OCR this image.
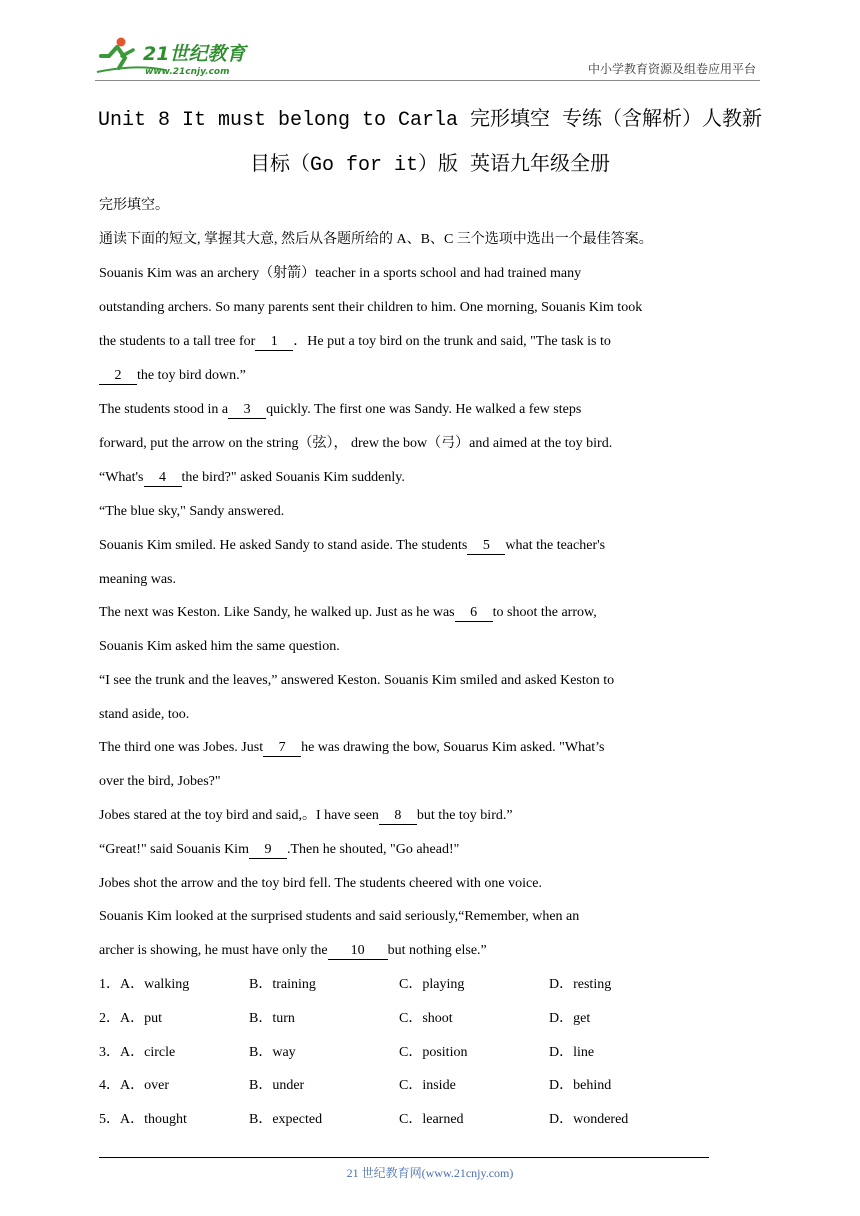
21世纪教育
www.21cnjy.com	中小学教育资源及组卷应用平台
Unit 8 It must belong to Carla 完形填空 专练（含解析）人教新
目标（Go for it）版 英语九年级全册
完形填空。
通读下面的短文, 掌握其大意, 然后从各题所给的 A、B、C 三个选项中选出一个最佳答案。
Souanis Kim was an archery（射箭）teacher in a sports school and had trained many
outstanding archers. So many parents sent their children to him. One morning, Souanis Kim took
the students to a tall tree for 1 ．He put a toy bird on the trunk and said, "The task is to
2 the toy bird down.”
The students stood in a 3 quickly. The first one was Sandy. He walked a few steps
forward, put the arrow on the string（弦）， drew the bow（弓）and aimed at the toy bird.
“What's 4 the bird?" asked Souanis Kim suddenly.
“The blue sky," Sandy answered.
Souanis Kim smiled. He asked Sandy to stand aside. The students 5 what the teacher's
meaning was.
The next was Keston. Like Sandy, he walked up. Just as he was 6 to shoot the arrow,
Souanis Kim asked him the same question.
“I see the trunk and the leaves,” answered Keston. Souanis Kim smiled and asked Keston to
stand aside, too.
The third one was Jobes. Just 7 he was drawing the bow, Souarus Kim asked. "What’s
over the bird, Jobes?"
Jobes stared at the toy bird and said,。I have seen 8 but the toy bird.”
“Great!" said Souanis Kim 9 .Then he shouted, "Go ahead!"
Jobes shot the arrow and the toy bird fell. The students cheered with one voice.
Souanis Kim looked at the surprised students and said seriously,“Remember, when an
archer is showing, he must have only the 10 but nothing else.”
1．A．walking	B．training	C．playing	D．resting
2．A．put	B．turn	C．shoot	D．get
3．A．circle	B．way	C．position	D．line
4．A．over	B．under	C．inside	D．behind
5．A．thought	B．expected	C．learned	D．wondered
21 世纪教育网(www.21cnjy.com)
